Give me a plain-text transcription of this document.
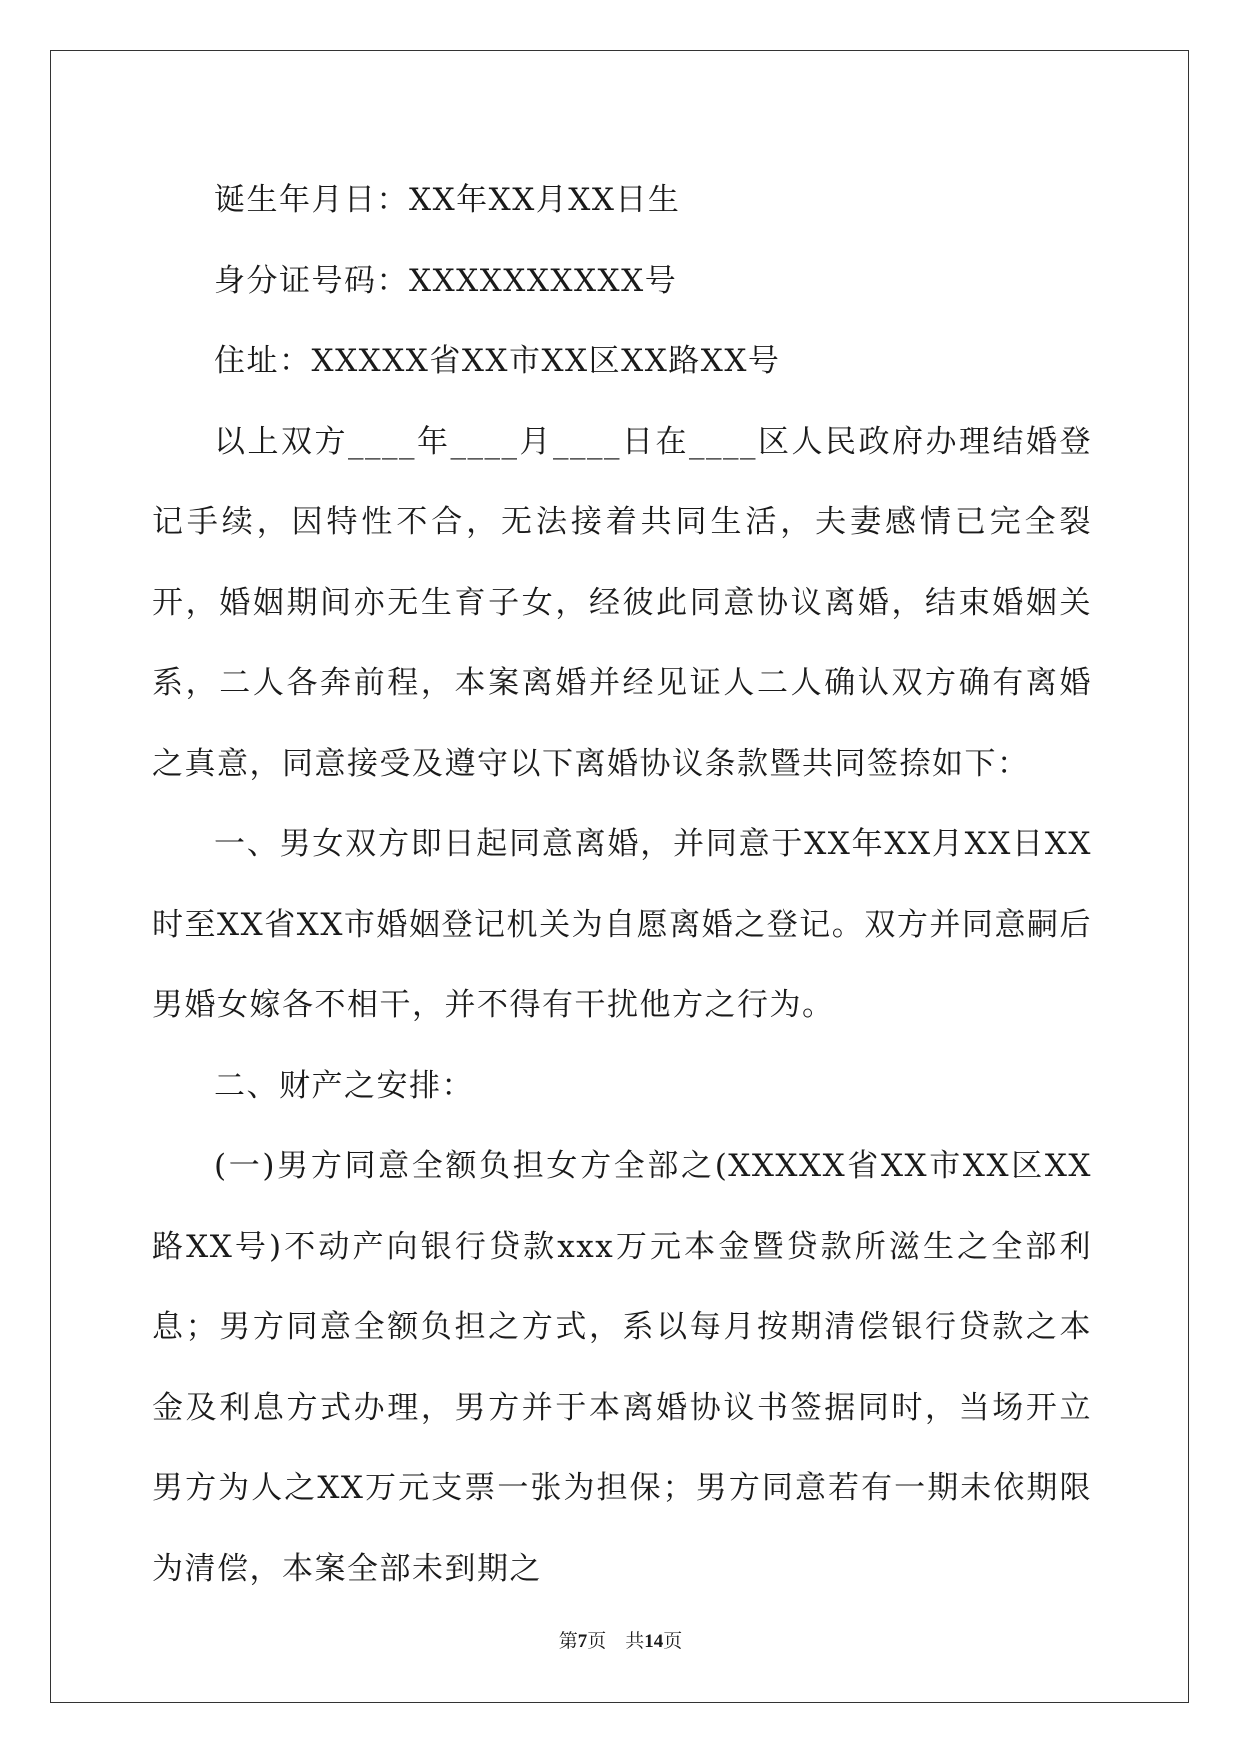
诞生年月日：XX年XX月XX日生

身分证号码：XXXXXXXXXX号

住址：XXXXX省XX市XX区XX路XX号

以上双方____年____月____日在____区人民政府办理结婚登记手续，因特性不合，无法接着共同生活，夫妻感情已完全裂开，婚姻期间亦无生育子女，经彼此同意协议离婚，结束婚姻关系，二人各奔前程，本案离婚并经见证人二人确认双方确有离婚之真意，同意接受及遵守以下离婚协议条款暨共同签捺如下：

一、男女双方即日起同意离婚，并同意于XX年XX月XX日XX时至XX省XX市婚姻登记机关为自愿离婚之登记。双方并同意嗣后男婚女嫁各不相干，并不得有干扰他方之行为。

二、财产之安排：

(一)男方同意全额负担女方全部之(XXXXX省XX市XX区XX路XX号)不动产向银行贷款xxx万元本金暨贷款所滋生之全部利息；男方同意全额负担之方式，系以每月按期清偿银行贷款之本金及利息方式办理，男方并于本离婚协议书签据同时，当场开立男方为人之XX万元支票一张为担保；男方同意若有一期未依期限为清偿，本案全部未到期之

第7页　共14页
